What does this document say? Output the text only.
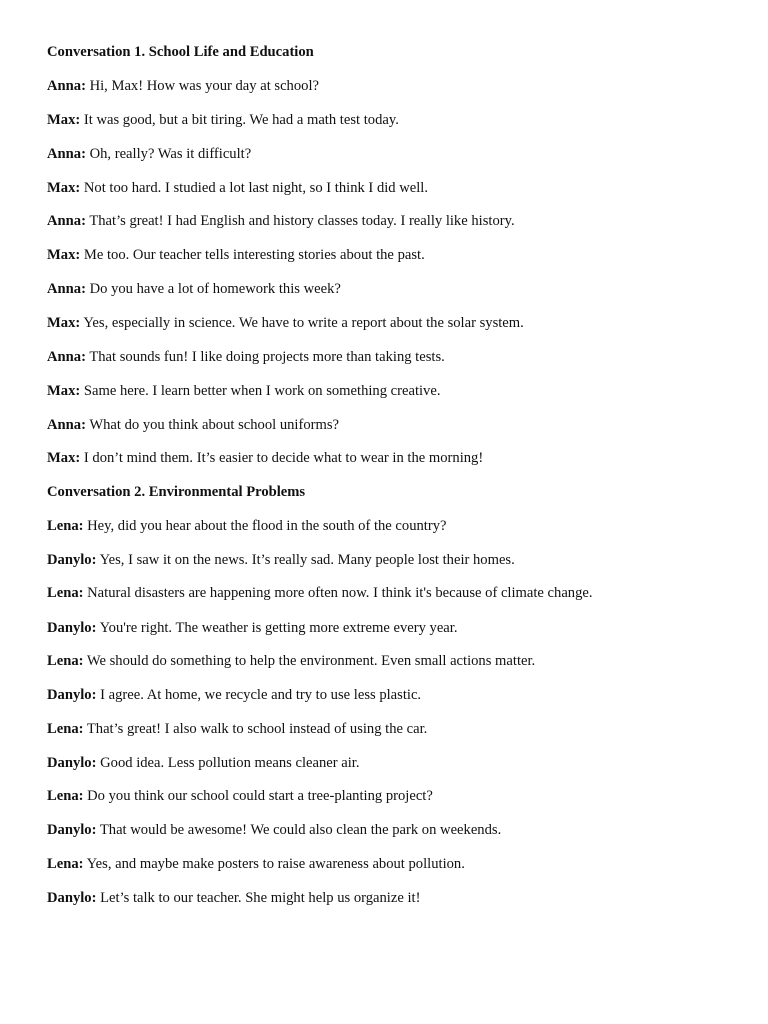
Conversation 1. School Life and Education
Anna: Hi, Max! How was your day at school?
Max: It was good, but a bit tiring. We had a math test today.
Anna: Oh, really? Was it difficult?
Max: Not too hard. I studied a lot last night, so I think I did well.
Anna: That’s great! I had English and history classes today. I really like history.
Max: Me too. Our teacher tells interesting stories about the past.
Anna: Do you have a lot of homework this week?
Max: Yes, especially in science. We have to write a report about the solar system.
Anna: That sounds fun! I like doing projects more than taking tests.
Max: Same here. I learn better when I work on something creative.
Anna: What do you think about school uniforms?
Max: I don’t mind them. It’s easier to decide what to wear in the morning!
Conversation 2. Environmental Problems
Lena: Hey, did you hear about the flood in the south of the country?
Danylo: Yes, I saw it on the news. It’s really sad. Many people lost their homes.
Lena: Natural disasters are happening more often now. I think it's because of climate change.
Danylo: You're right. The weather is getting more extreme every year.
Lena: We should do something to help the environment. Even small actions matter.
Danylo: I agree. At home, we recycle and try to use less plastic.
Lena: That’s great! I also walk to school instead of using the car.
Danylo: Good idea. Less pollution means cleaner air.
Lena: Do you think our school could start a tree-planting project?
Danylo: That would be awesome! We could also clean the park on weekends.
Lena: Yes, and maybe make posters to raise awareness about pollution.
Danylo: Let’s talk to our teacher. She might help us organize it!
